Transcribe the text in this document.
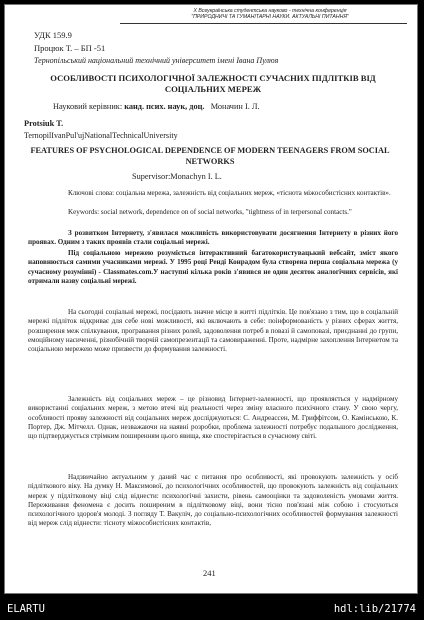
X Всеукраїнська студентська науково - технічна конференція
"ПРИРОДНИЧІ ТА ГУМАНІТАРНІ НАУКИ. АКТУАЛЬНІ ПИТАННЯ"
УДК 159.9
Процюк Т. – БП -51
Тернопільський національний технічний університет імені Івана Пулюя
ОСОБЛИВОСТІ ПСИХОЛОГІЧНОЇ ЗАЛЕЖНОСТІ СУЧАСНИХ ПІДЛІТКІВ ВІД СОЦІАЛЬНИХ МЕРЕЖ
Науковий керівник: канд. псих. наук, доц. Моначин І. Л.
Protsiuk T.
TernopilIvanPul'ujNationalTechnicalUniversity
FEATURES OF PSYCHOLOGICAL DEPENDENCE OF MODERN TEENAGERS FROM SOCIAL NETWORKS
Supervisor:Monachyn I. L.
Ключові слова: соціальна мережа, залежність від соціальних мереж, «тіснота міжособистісних контактів».
Keywords: social network, dependence on of social networks, "tightness of in terpersonal contacts."
З розвитком Інтернету, з'явилася можливість використовувати досягнення Інтернету в різних його проявах. Одним з таких проявів стали соціальні мережі.
Під соціальною мережею розуміється інтерактивний багатокористувацький вебсайт, зміст якого наповнюється самими учасниками мережі. У 1995 році Ренді Конрадом була створена перша соціальна мережа (у сучасному розумінні) - Classmates.com.У наступні кілька років з'явився не один десяток аналогічних сервісів, які отримали назву соціальні мережі.
На сьогодні соціальні мережі, посідають значне місце в житті підлітків. Це пов'язано з тим, що в соціальній мережі підліток відкриває для себе нові можливості, які включають в себе: поінформованість у різних сферах життя, розширення меж спілкування, програвання різних ролей, задоволення потреб в повазі й самоповазі, приєднанні до групи, емоційному насиченні, різнобічній творчій самопрезентації та самовираженні. Проте, надмірне захоплення Інтернетом та соціальною мережею може призвести до формування залежності.
Залежність від соціальних мереж – це різновид Інтернет-залежності, що проявляється у надмірному використанні соціальних мереж, з метою втечі від реальності через зміну власного психічного стану. У свою чергу, особливості прояву залежності від соціальних мереж досліджуються: С. Андреассен, М. Гриффітсом, О. Камінською, К. Портер, Дж. Мітчелл. Однак, незважаючи на наявні розробки, проблема залежності потребує подальшого дослідження, що підтверджується стрімким поширенням цього явища, яке спостерігається в сучасному світі.
Надзвичайно актуальним у даний час є питання про особливості, які провокують залежність у осіб підліткового віку. На думку Н. Максимової, до психологічних особливостей, що провокують залежність від соціальних мереж у підлітковому віці слід віднести: психологічні захисти, рівень самооцінки та задоволеність умовами життя. Переживання феномена є досить поширеним в підлітковому віці, вони тісно пов'язані між собою і стосуються психологічного здоров'я молоді. З погляду Т. Вакуліч, до соціально-психологічних особливостей формування залежності від мереж слід віднести: тісноту міжособистісних контактів,
241
ELARTU	hdl:lib/21774
